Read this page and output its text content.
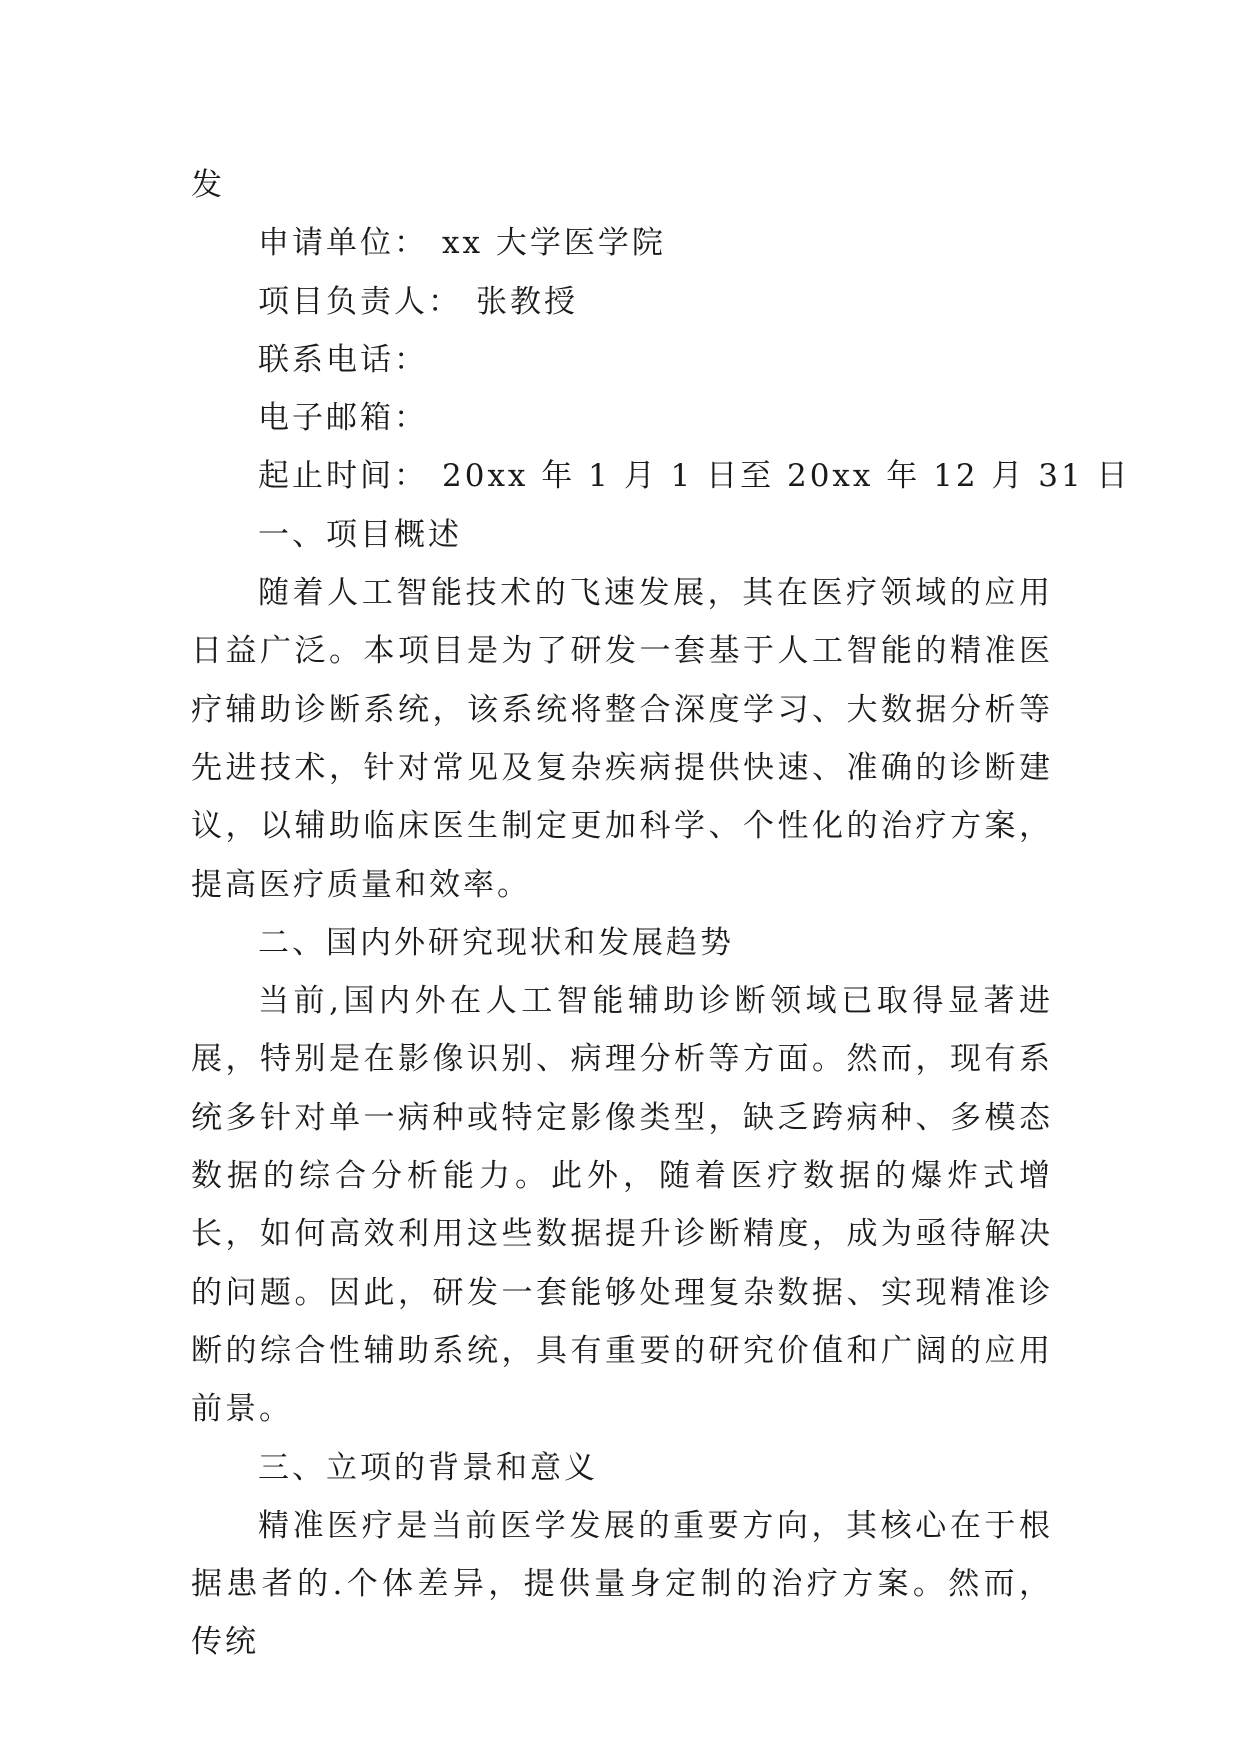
发
申请单位： xx 大学医学院
项目负责人： 张教授
联系电话：
电子邮箱：
起止时间： 20xx 年 1 月 1 日至 20xx 年 12 月 31 日
一、项目概述

随着人工智能技术的飞速发展，其在医疗领域的应用日益广泛。本项目是为了研发一套基于人工智能的精准医疗辅助诊断系统，该系统将整合深度学习、大数据分析等先进技术，针对常见及复杂疾病提供快速、准确的诊断建议，以辅助临床医生制定更加科学、个性化的治疗方案，提高医疗质量和效率。

二、国内外研究现状和发展趋势

当前,国内外在人工智能辅助诊断领域已取得显著进展，特别是在影像识别、病理分析等方面。然而，现有系统多针对单一病种或特定影像类型，缺乏跨病种、多模态数据的综合分析能力。此外，随着医疗数据的爆炸式增长，如何高效利用这些数据提升诊断精度，成为亟待解决的问题。因此，研发一套能够处理复杂数据、实现精准诊断的综合性辅助系统，具有重要的研究价值和广阔的应用前景。

三、立项的背景和意义

精准医疗是当前医学发展的重要方向，其核心在于根据患者的.个体差异，提供量身定制的治疗方案。然而，传统
